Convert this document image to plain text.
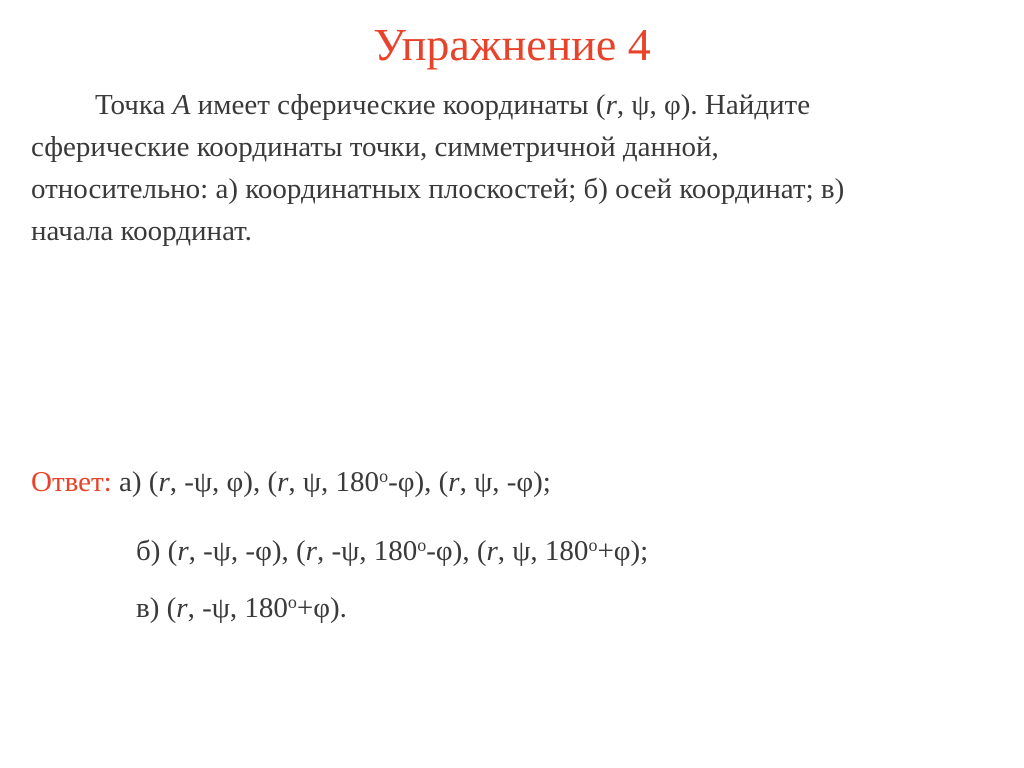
Упражнение 4
Точка A имеет сферические координаты (r, ψ, φ). Найдите
сферические координаты точки, симметричной данной,
относительно: а) координатных плоскостей; б) осей координат; в)
начала координат.
Ответ: а) (r, -ψ, φ), (r, ψ, $180^о-\varphi$), (r, ψ, -φ);
б) (r, -ψ, -φ), (r, -ψ, $180^о-\varphi$), (r, ψ, $180^о+\varphi$);
в) (r, -ψ, $180^о+\varphi$).
